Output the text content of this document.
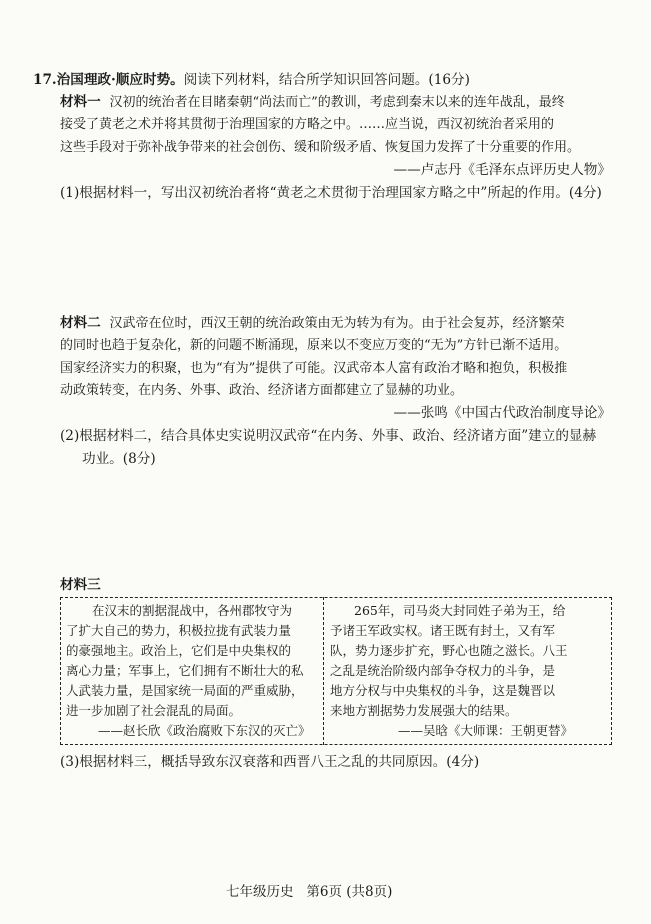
17.治国理政·顺应时势。阅读下列材料，结合所学知识回答问题。(16分)
材料一 汉初的统治者在目睹秦朝“尚法而亡”的教训，考虑到秦末以来的连年战乱，最终
接受了黄老之术并将其贯彻于治理国家的方略之中。……应当说，西汉初统治者采用的
这些手段对于弥补战争带来的社会创伤、缓和阶级矛盾、恢复国力发挥了十分重要的作用。
——卢志丹《毛泽东点评历史人物》
(1)根据材料一，写出汉初统治者将“黄老之术贯彻于治理国家方略之中”所起的作用。(4分)
材料二 汉武帝在位时，西汉王朝的统治政策由无为转为有为。由于社会复苏，经济繁荣
的同时也趋于复杂化，新的问题不断涌现，原来以不变应万变的“无为”方针已渐不适用。
国家经济实力的积聚，也为“有为”提供了可能。汉武帝本人富有政治才略和抱负，积极推
动政策转变，在内务、外事、政治、经济诸方面都建立了显赫的功业。
——张鸣《中国古代政治制度导论》
(2)根据材料二，结合具体史实说明汉武帝“在内务、外事、政治、经济诸方面”建立的显赫
功业。(8分)
材料三
在汉末的割据混战中，各州郡牧守为
了扩大自己的势力，积极拉拢有武装力量
的豪强地主。政治上，它们是中央集权的
离心力量；军事上，它们拥有不断壮大的私
人武装力量，是国家统一局面的严重威胁，
进一步加剧了社会混乱的局面。
——赵长欣《政治腐败下东汉的灭亡》
265年，司马炎大封同姓子弟为王，给
予诸王军政实权。诸王既有封土，又有军
队，势力逐步扩充，野心也随之滋长。八王
之乱是统治阶级内部争夺权力的斗争，是
地方分权与中央集权的斗争，这是魏晋以
来地方割据势力发展强大的结果。
——吴晗《大师课：王朝更替》
(3)根据材料三，概括导致东汉衰落和西晋八王之乱的共同原因。(4分)
七年级历史 第6页 (共8页)
